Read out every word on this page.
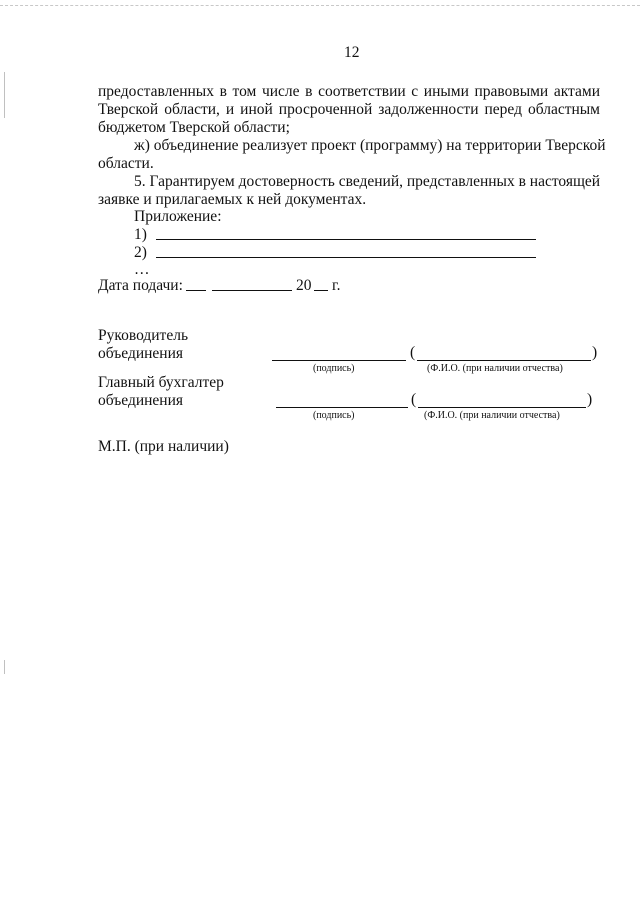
12
предоставленных в том числе в соответствии с иными правовыми актами
Тверской области, и иной просроченной задолженности перед областным
бюджетом Тверской области;
ж) объединение реализует проект (программу) на территории Тверской
области.
5. Гарантируем достоверность сведений, представленных в настоящей
заявке и прилагаемых к ней документах.
Приложение:
1)
2)
…
Дата подачи:	20 г.
Руководитель
объединения	(	)
(подпись)	(Ф.И.О. (при наличии отчества)
Главный бухгалтер
объединения	(	)
(подпись)	(Ф.И.О. (при наличии отчества)
М.П. (при наличии)
